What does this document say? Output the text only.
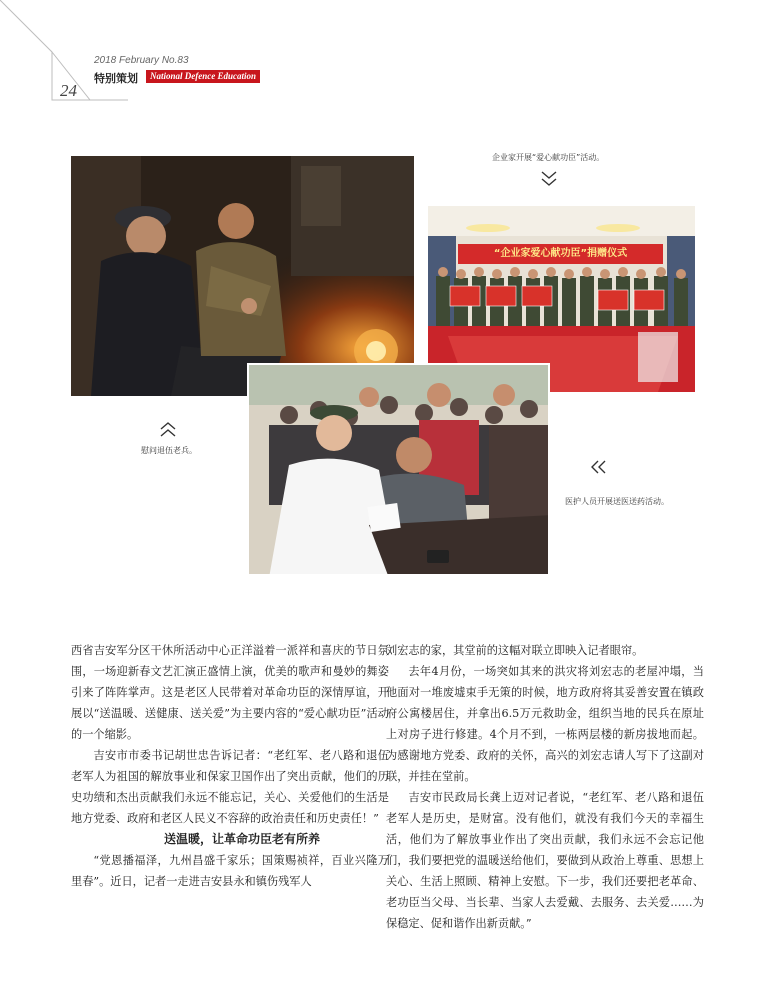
24
2018 February No.83
特别策划	National Defence Education
“企业家爱心献功臣”捐赠仪式
企业家开展“爱心献功臣”活动。
慰问退伍老兵。
医护人员开展送医送药活动。

西省吉安军分区干休所活动中心正洋溢着一派祥和喜庆的节日氛围，一场迎新春文艺汇演正盛情上演，优美的歌声和曼妙的舞姿引来了阵阵掌声。这是老区人民带着对革命功臣的深情厚谊，开展以“送温暖、送健康、送关爱”为主要内容的“爱心献功臣”活动的一个缩影。

吉安市市委书记胡世忠告诉记者：“老红军、老八路和退伍老军人为祖国的解放事业和保家卫国作出了突出贡献，他们的历史功绩和杰出贡献我们永远不能忘记，关心、关爱他们的生活是地方党委、政府和老区人民义不容辞的政治责任和历史责任！”

送温暖，让革命功臣老有所养

“党恩播福泽，九州昌盛千家乐；国策赐祯祥，百业兴隆万里春”。近日，记者一走进吉安县永和镇伤残军人

刘宏志的家，其堂前的这幅对联立即映入记者眼帘。

去年4月份，一场突如其来的洪灾将刘宏志的老屋冲塌，当他面对一堆废墟束手无策的时候，地方政府将其妥善安置在镇政府公寓楼居住，并拿出6.5万元救助金，组织当地的民兵在原址上对房子进行修建。4个月不到，一栋两层楼的新房拔地而起。为感谢地方党委、政府的关怀，高兴的刘宏志请人写下了这副对联，并挂在堂前。

吉安市民政局长龚上迈对记者说，“老红军、老八路和退伍老军人是历史，是财富。没有他们，就没有我们今天的幸福生活，他们为了解放事业作出了突出贡献，我们永远不会忘记他们，我们要把党的温暖送给他们，要做到从政治上尊重、思想上关心、生活上照顾、精神上安慰。下一步，我们还要把老革命、老功臣当父母、当长辈、当家人去爱戴、去服务、去关爱……为保稳定、促和谐作出新贡献。”
